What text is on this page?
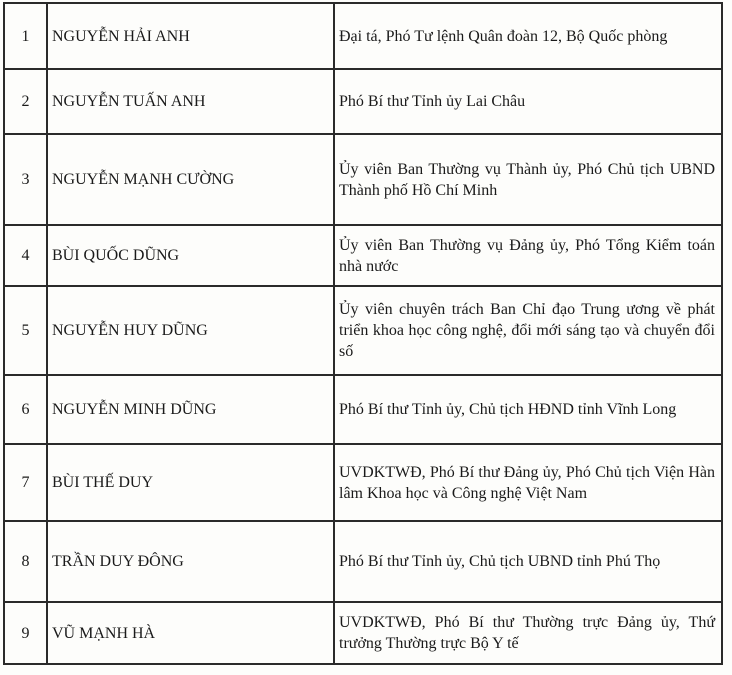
1	NGUYỄN HẢI ANH	Đại tá, Phó Tư lệnh Quân đoàn 12, Bộ Quốc phòng
2	NGUYỄN TUẤN ANH	Phó Bí thư Tỉnh ủy Lai Châu
3	NGUYỄN MẠNH CƯỜNG	Ủy viên Ban Thường vụ Thành ủy, Phó Chủ tịch UBND Thành phố Hồ Chí Minh
4	BÙI QUỐC DŨNG	Ủy viên Ban Thường vụ Đảng ủy, Phó Tổng Kiểm toán nhà nước
5	NGUYỄN HUY DŨNG	Ủy viên chuyên trách Ban Chỉ đạo Trung ương về phát triển khoa học công nghệ, đổi mới sáng tạo và chuyển đổi số
6	NGUYỄN MINH DŨNG	Phó Bí thư Tỉnh ủy, Chủ tịch HĐND tỉnh Vĩnh Long
7	BÙI THẾ DUY	UVDKTWĐ, Phó Bí thư Đảng ủy, Phó Chủ tịch Viện Hàn lâm Khoa học và Công nghệ Việt Nam
8	TRẦN DUY ĐÔNG	Phó Bí thư Tỉnh ủy, Chủ tịch UBND tỉnh Phú Thọ
9	VŨ MẠNH HÀ	UVDKTWĐ, Phó Bí thư Thường trực Đảng ủy, Thứ trưởng Thường trực Bộ Y tế
